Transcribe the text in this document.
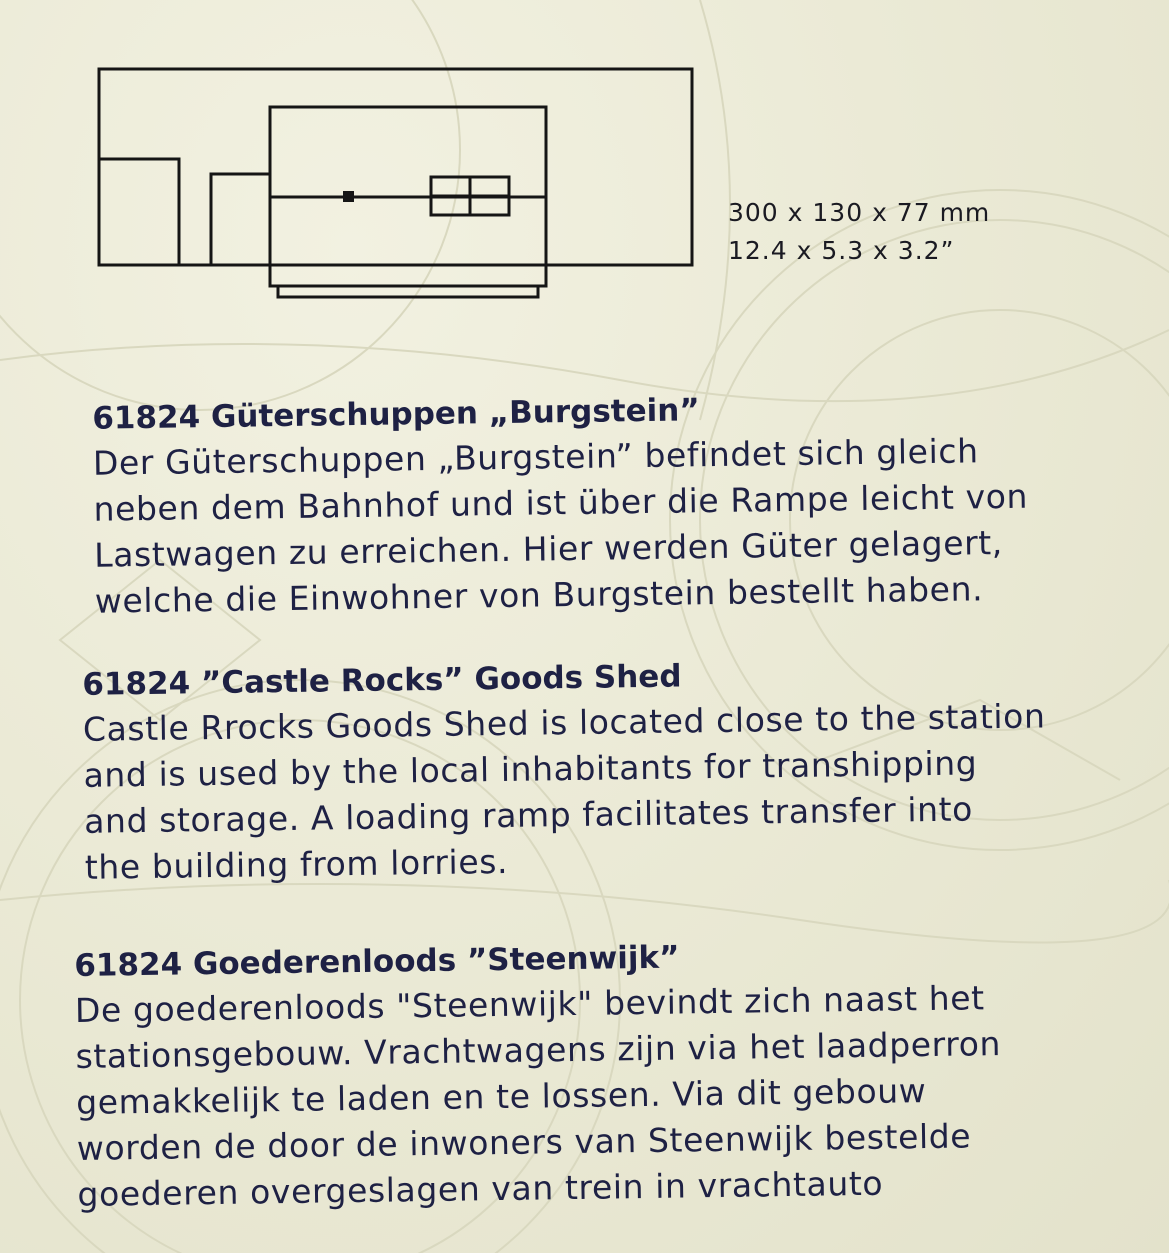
300 x 130 x 77 mm
12.4 x 5.3 x 3.2”
61824 Güterschuppen „Burgstein”
Der Güterschuppen „Burgstein” befindet sich gleich
neben dem Bahnhof und ist über die Rampe leicht von
Lastwagen zu erreichen. Hier werden Güter gelagert,
welche die Einwohner von Burgstein bestellt haben.
61824 ”Castle Rocks” Goods Shed
Castle Rrocks Goods Shed is located close to the station
and is used by the local inhabitants for transhipping
and storage. A loading ramp facilitates transfer into
the building from lorries.
61824 Goederenloods ”Steenwijk”
De goederenloods "Steenwijk" bevindt zich naast het
stationsgebouw. Vrachtwagens zijn via het laadperron
gemakkelijk te laden en te lossen. Via dit gebouw
worden de door de inwoners van Steenwijk bestelde
goederen overgeslagen van trein in vrachtauto
